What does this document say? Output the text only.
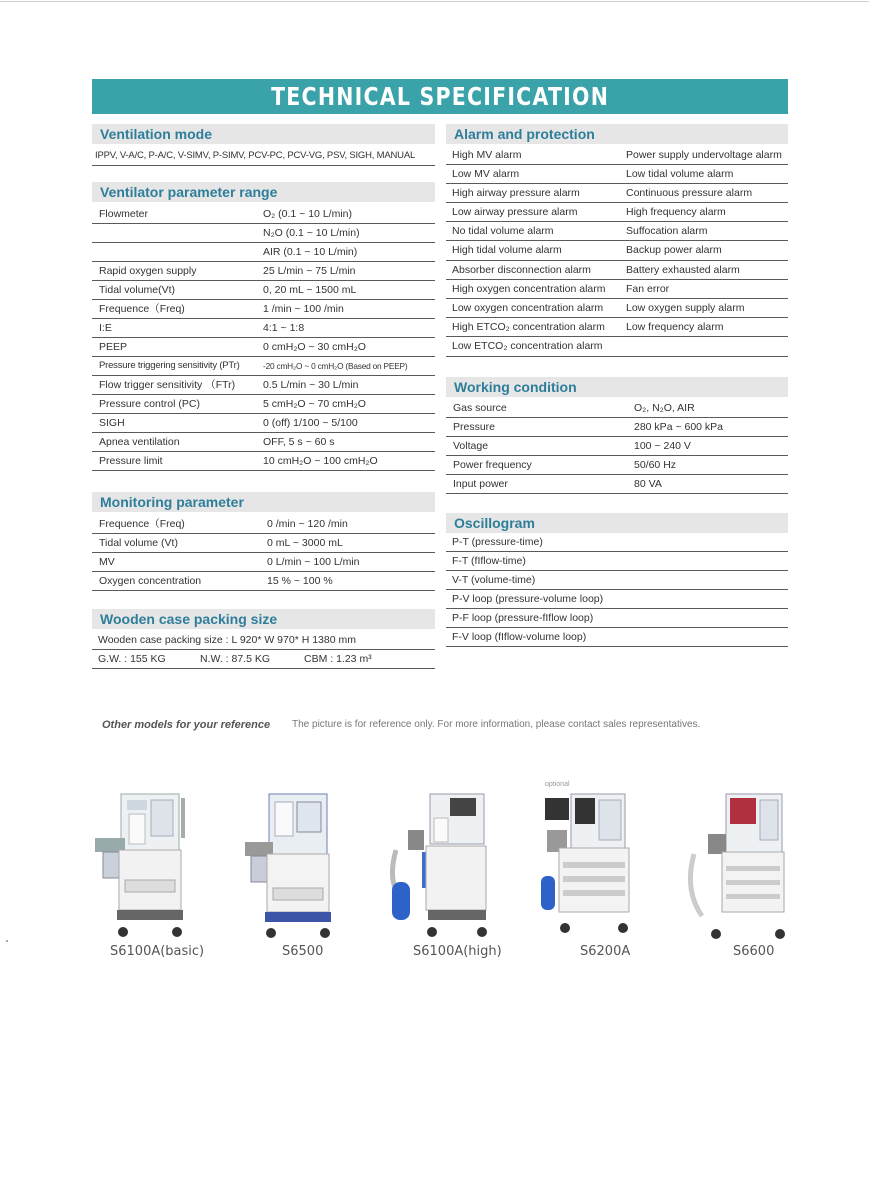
TECHNICAL SPECIFICATION
Ventilation mode
IPPV, V-A/C, P-A/C, V-SIMV, P-SIMV, PCV-PC, PCV-VG, PSV, SIGH, MANUAL
Ventilator parameter range
Flowmeter	O₂ (0.1 ~ 10 L/min)
N₂O (0.1 ~ 10 L/min)
AIR (0.1 ~ 10 L/min)
Rapid oxygen supply	25 L/min ~ 75 L/min
Tidal volume(Vt)	0, 20 mL ~ 1500 mL
Frequence（Freq)	1 /min ~ 100 /min
I:E	4:1 ~ 1:8
PEEP	0 cmH₂O ~ 30 cmH₂O
Pressure triggering sensitivity (PTr)	-20 cmH₂O ~ 0 cmH₂O (Based on PEEP)
Flow trigger sensitivity （FTr)	0.5 L/min ~ 30 L/min
Pressure control (PC)	5 cmH₂O ~ 70 cmH₂O
SIGH	0 (off) 1/100 ~ 5/100
Apnea ventilation	OFF, 5 s ~ 60 s
Pressure limit	10 cmH₂O ~ 100 cmH₂O
Monitoring parameter
Frequence（Freq)	0 /min ~ 120 /min
Tidal volume (Vt)	0 mL ~ 3000 mL
MV	0 L/min ~ 100 L/min
Oxygen concentration	15 % ~ 100 %
Wooden case packing size
Wooden case packing size : L 920* W 970* H 1380 mm
G.W. : 155 KG	N.W. : 87.5 KG	CBM : 1.23 m³
Alarm and protection
High MV alarm	Power supply undervoltage alarm
Low MV alarm	Low tidal volume alarm
High airway pressure alarm	Continuous pressure alarm
Low airway pressure alarm	High frequency alarm
No tidal volume alarm	Suffocation alarm
High tidal volume alarm	Backup power alarm
Absorber disconnection alarm	Battery exhausted alarm
High oxygen concentration alarm	Fan error
Low oxygen concentration alarm	Low oxygen supply alarm
High ETCO₂ concentration alarm	Low frequency alarm
Low ETCO₂ concentration alarm
Working condition
Gas source	O₂, N₂O, AIR
Pressure	280 kPa ~ 600 kPa
Voltage	100 ~ 240 V
Power frequency	50/60 Hz
Input power	80 VA
Oscillogram
P-T (pressure-time)
F-T (fIflow-time)
V-T (volume-time)
P-V loop (pressure-volume loop)
P-F loop (pressure-fIflow loop)
F-V loop (fIflow-volume loop)
Other models for your reference The picture is for reference only. For more information, please contact sales representatives.
optional
S6100A(basic)	S6500	S6100A(high)	S6200A	S6600
